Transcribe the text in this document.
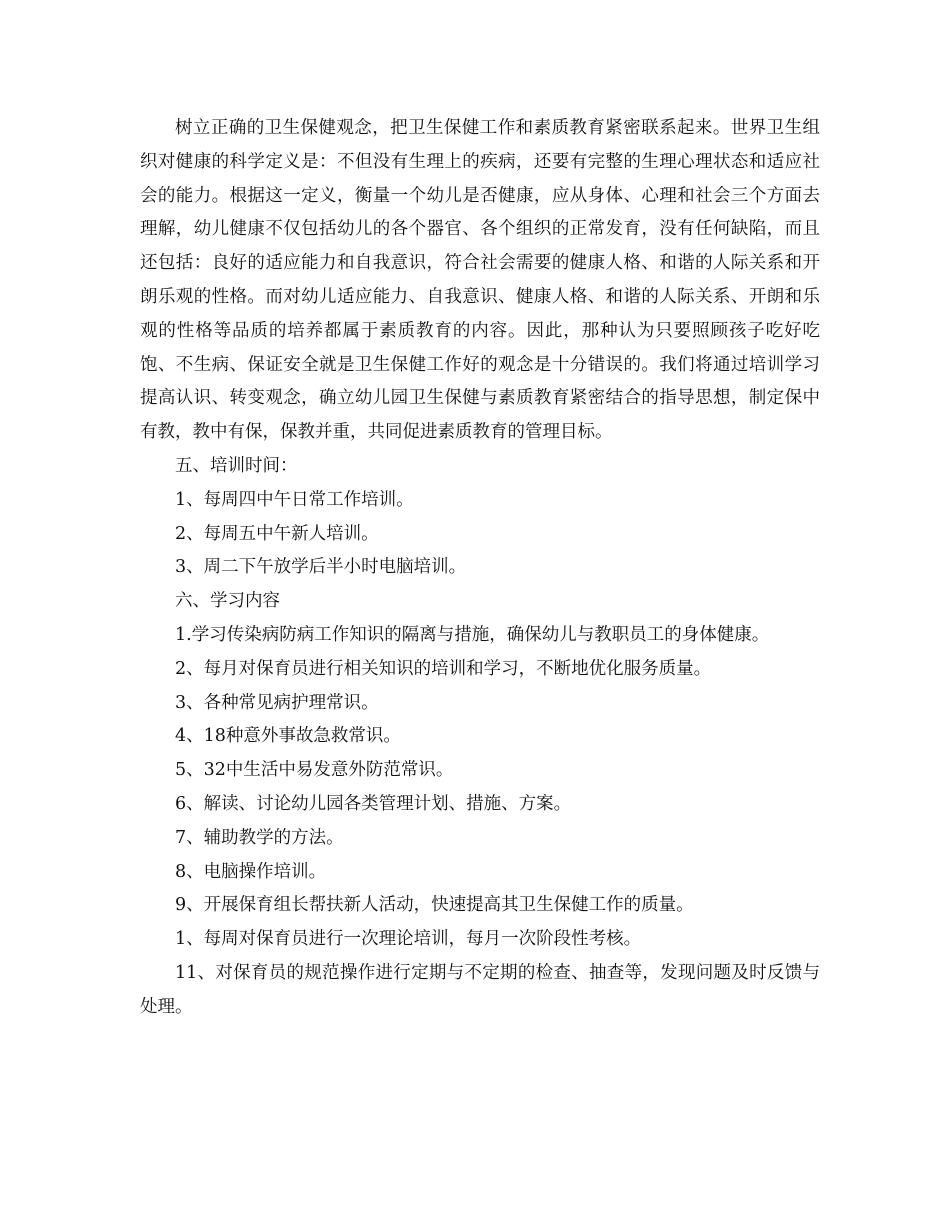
树立正确的卫生保健观念，把卫生保健工作和素质教育紧密联系起来。世界卫生组织对健康的科学定义是：不但没有生理上的疾病，还要有完整的生理心理状态和适应社会的能力。根据这一定义，衡量一个幼儿是否健康，应从身体、心理和社会三个方面去理解，幼儿健康不仅包括幼儿的各个器官、各个组织的正常发育，没有任何缺陷，而且还包括：良好的适应能力和自我意识，符合社会需要的健康人格、和谐的人际关系和开朗乐观的性格。而对幼儿适应能力、自我意识、健康人格、和谐的人际关系、开朗和乐观的性格等品质的培养都属于素质教育的内容。因此，那种认为只要照顾孩子吃好吃饱、不生病、保证安全就是卫生保健工作好的观念是十分错误的。我们将通过培训学习提高认识、转变观念，确立幼儿园卫生保健与素质教育紧密结合的指导思想，制定保中有教，教中有保，保教并重，共同促进素质教育的管理目标。

五、培训时间：

1、每周四中午日常工作培训。

2、每周五中午新人培训。

3、周二下午放学后半小时电脑培训。

六、学习内容

1.学习传染病防病工作知识的隔离与措施，确保幼儿与教职员工的身体健康。

2、每月对保育员进行相关知识的培训和学习，不断地优化服务质量。

3、各种常见病护理常识。

4、18种意外事故急救常识。

5、32中生活中易发意外防范常识。

6、解读、讨论幼儿园各类管理计划、措施、方案。

7、辅助教学的方法。

8、电脑操作培训。

9、开展保育组长帮扶新人活动，快速提高其卫生保健工作的质量。

1、每周对保育员进行一次理论培训，每月一次阶段性考核。

11、对保育员的规范操作进行定期与不定期的检查、抽查等，发现问题及时反馈与处理。
